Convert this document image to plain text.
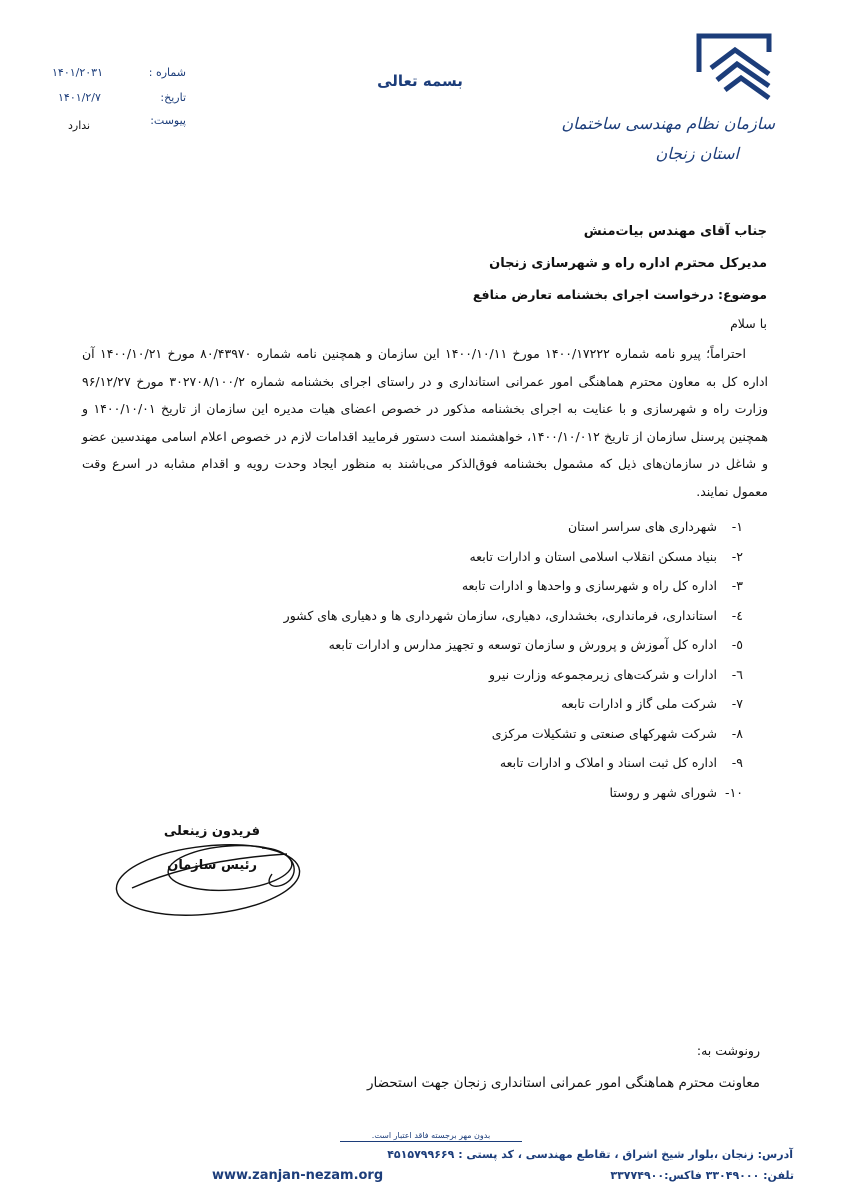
سازمان نظام مهندسی ساختمان
استان زنجان
بسمه تعالی
شماره :
۱۴۰۱/۲۰۳۱
تاریخ:
۱۴۰۱/۲/۷
پیوست:
ندارد
جناب آقای مهندس بیات‌منش
مدیرکل محترم اداره راه و شهرسازی زنجان
موضوع: درخواست اجرای بخشنامه تعارض منافع
با سلام
احتراماً؛ پیرو نامه شماره ۱۴۰۰/۱۷۲۲۲ مورخ ۱۴۰۰/۱۰/۱۱ این سازمان و همچنین نامه شماره ۸۰/۴۳۹۷۰ مورخ ۱۴۰۰/۱۰/۲۱ آن اداره کل به معاون محترم هماهنگی امور عمرانی استانداری و در راستای اجرای بخشنامه شماره ۳۰۲۷۰۸/۱۰۰/۲ مورخ ۹۶/۱۲/۲۷ وزارت راه و شهرسازی و با عنایت به اجرای بخشنامه مذکور در خصوص اعضای هیات مدیره این سازمان از تاریخ ۱۴۰۰/۱۰/۰۱ و همچنین پرسنل سازمان از تاریخ ۱۴۰۰/۱۰/۰۱۲، خواهشمند است دستور فرمایید اقدامات لازم در خصوص اعلام اسامی مهندسین عضو و شاغل در سازمان‌های ذیل که مشمول بخشنامه فوق‌الذکر می‌باشند به منظور ایجاد وحدت رویه و اقدام مشابه در اسرع وقت معمول نمایند.
۱-شهرداری های سراسر استان
۲-بنیاد مسکن انقلاب اسلامی استان و ادارات تابعه
۳-اداره کل راه و شهرسازی و واحدها و ادارات تابعه
٤-استانداری، فرمانداری، بخشداری، دهیاری، سازمان شهرداری ها و دهیاری های کشور
٥-اداره کل آموزش و پرورش و سازمان توسعه و تجهیز مدارس و ادارات تابعه
٦-ادارات و شرکت‌های زیرمجموعه وزارت نیرو
۷-شرکت ملی گاز و ادارات تابعه
۸-شرکت شهرکهای صنعتی و تشکیلات مرکزی
۹-اداره کل ثبت اسناد و املاک و ادارات تابعه
۱۰-شورای شهر و روستا
فریدون زینعلی
رئیس سازمان
رونوشت به:
معاونت محترم هماهنگی امور عمرانی استانداری زنجان جهت استحضار
بدون مهر برجسته فاقد اعتبار است.
آدرس: زنجان ،بلوار شیخ اشراق ، تقاطع مهندسی ، کد پستی : ۴۵۱۵۷۹۹۶۶۹
www.zanjan-nezam.org	تلفن: ۳۳۰۴۹۰۰۰ فاکس:۳۳۷۷۴۹۰۰
